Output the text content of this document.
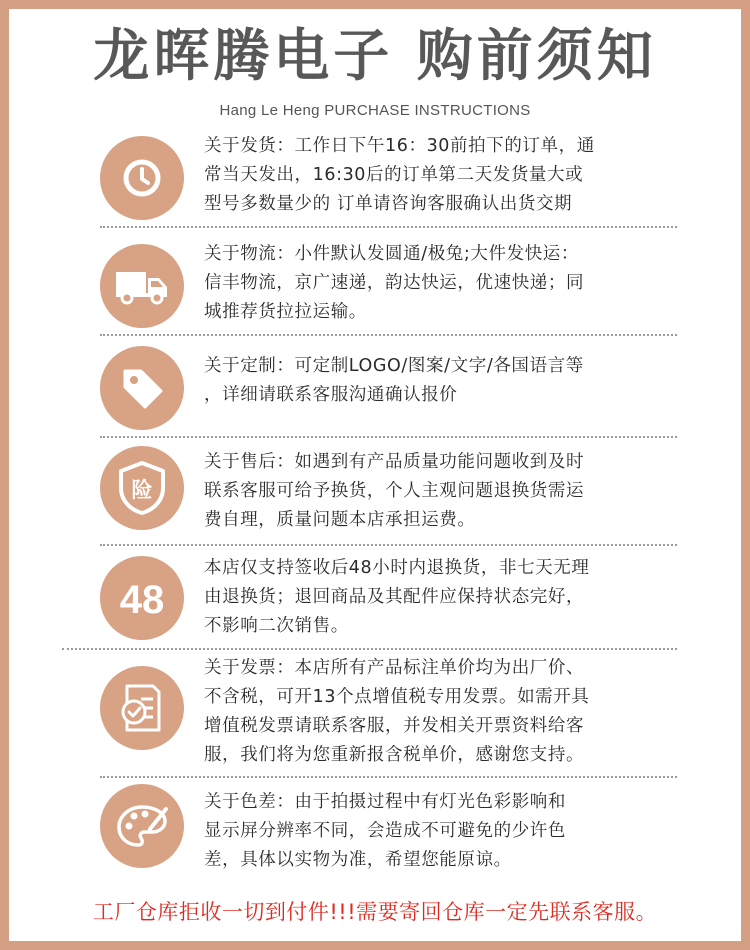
龙晖腾电子 购前须知
Hang Le Heng PURCHASE INSTRUCTIONS
关于发货：工作日下午16：30前拍下的订单，通
常当天发出，16:30后的订单第二天发货量大或
型号多数量少的 订单请咨询客服确认出货交期
关于物流：小件默认发圆通/极兔;大件发快运：
信丰物流，京广速递，韵达快运，优速快递；同
城推荐货拉拉运输。
关于定制：可定制LOGO/图案/文字/各国语言等
，详细请联系客服沟通确认报价
险
关于售后：如遇到有产品质量功能问题收到及时
联系客服可给予换货，个人主观问题退换货需运
费自理，质量问题本店承担运费。
48
本店仅支持签收后48小时内退换货，非七天无理
由退换货；退回商品及其配件应保持状态完好，
不影响二次销售。
关于发票：本店所有产品标注单价均为出厂价、
不含税，可开13个点增值税专用发票。如需开具
增值税发票请联系客服，并发相关开票资料给客
服，我们将为您重新报含税单价，感谢您支持。
关于色差：由于拍摄过程中有灯光色彩影响和
显示屏分辨率不同，会造成不可避免的少许色
差，具体以实物为准，希望您能原谅。
工厂仓库拒收一切到付件!!!需要寄回仓库一定先联系客服。
